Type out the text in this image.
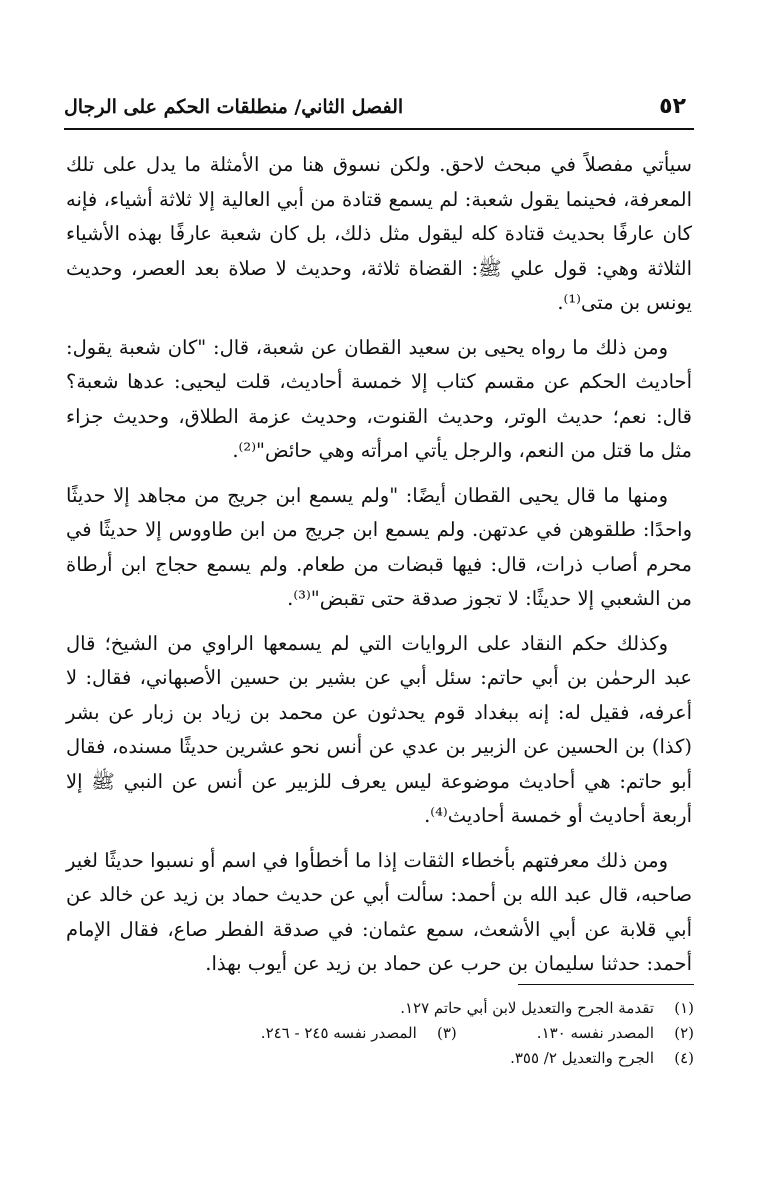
٥٢
الفصل الثاني/ منطلقات الحكم على الرجال

سيأتي مفصلاً في مبحث لاحق. ولكن نسوق هنا من الأمثلة ما يدل على تلك المعرفة، فحينما يقول شعبة: لم يسمع قتادة من أبي العالية إلا ثلاثة أشياء، فإنه كان عارفًا بحديث قتادة كله ليقول مثل ذلك، بل كان شعبة عارفًا بهذه الأشياء الثلاثة وهي: قول علي ﷺ: القضاة ثلاثة، وحديث لا صلاة بعد العصر، وحديث يونس بن متى⁽¹⁾.

ومن ذلك ما رواه يحيى بن سعيد القطان عن شعبة، قال: "كان شعبة يقول: أحاديث الحكم عن مقسم كتاب إلا خمسة أحاديث، قلت ليحيى: عدها شعبة؟ قال: نعم؛ حديث الوتر، وحديث القنوت، وحديث عزمة الطلاق، وحديث جزاء مثل ما قتل من النعم، والرجل يأتي امرأته وهي حائض"⁽²⁾.

ومنها ما قال يحيى القطان أيضًا: "ولم يسمع ابن جريج من مجاهد إلا حديثًا واحدًا: طلقوهن في عدتهن. ولم يسمع ابن جريج من ابن طاووس إلا حديثًا في محرم أصاب ذرات، قال: فيها قبضات من طعام. ولم يسمع حجاج ابن أرطاة من الشعبي إلا حديثًا: لا تجوز صدقة حتى تقبض"⁽³⁾.

وكذلك حكم النقاد على الروايات التي لم يسمعها الراوي من الشيخ؛ قال عبد الرحمٰن بن أبي حاتم: سئل أبي عن بشير بن حسين الأصبهاني، فقال: لا أعرفه، فقيل له: إنه ببغداد قوم يحدثون عن محمد بن زياد بن زبار عن بشر (كذا) بن الحسين عن الزبير بن عدي عن أنس نحو عشرين حديثًا مسنده، فقال أبو حاتم: هي أحاديث موضوعة ليس يعرف للزبير عن أنس عن النبي ﷺ إلا أربعة أحاديث أو خمسة أحاديث⁽⁴⁾.

ومن ذلك معرفتهم بأخطاء الثقات إذا ما أخطأوا في اسم أو نسبوا حديثًا لغير صاحبه، قال عبد الله بن أحمد: سألت أبي عن حديث حماد بن زيد عن خالد عن أبي قلابة عن أبي الأشعث، سمع عثمان: في صدقة الفطر صاع، فقال الإمام أحمد: حدثنا سليمان بن حرب عن حماد بن زيد عن أيوب بهذا.

(١)
تقدمة الجرح والتعديل لابن أبي حاتم ١٢٧.
(٢)
المصدر نفسه ١٣٠.
(٣)
المصدر نفسه ٢٤٥ - ٢٤٦.
(٤)
الجرح والتعديل ٢/ ٣٥٥.
